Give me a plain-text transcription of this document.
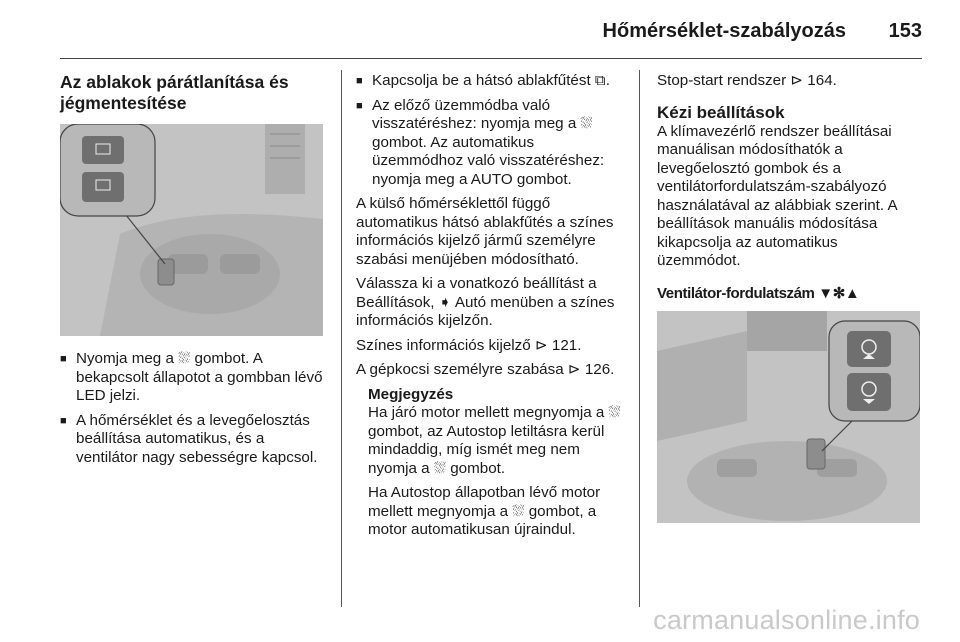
Hőmérséklet-szabályozás 153
Az ablakok párátlanítása és jégmentesítése
■ Nyomja meg a ⛆ gombot. A bekapcsolt állapotot a gombban lévő LED jelzi.
■ A hőmérséklet és a levegőelosztás beállítása automatikus, és a ventilátor nagy sebességre kapcsol.
■ Kapcsolja be a hátsó ablakfűtést ⧉.
■ Az előző üzemmódba való visszatéréshez: nyomja meg a ⛆ gombot. Az automatikus üzemmódhoz való visszatéréshez: nyomja meg a AUTO gombot.

A külső hőmérséklettől függő automatikus hátsó ablakfűtés a színes információs kijelző jármű személyre szabási menüjében módosítható.

Válassza ki a vonatkozó beállítást a Beállítások, ➧ Autó menüben a színes információs kijelzőn.

Színes információs kijelző ⊳ 121.

A gépkocsi személyre szabása ⊳ 126.

Megjegyzés

Ha járó motor mellett megnyomja a ⛆ gombot, az Autostop letiltásra kerül mindaddig, míg ismét meg nem nyomja a ⛆ gombot.

Ha Autostop állapotban lévő motor mellett megnyomja a ⛆ gombot, a motor automatikusan újraindul.

Stop-start rendszer ⊳ 164.

Kézi beállítások

A klímavezérlő rendszer beállításai manuálisan módosíthatók a levegőelosztó gombok és a ventilátorfordulatszám-szabályozó használatával az alábbiak szerint. A beállítások manuális módosítása kikapcsolja az automatikus üzemmódot.

Ventilátor-fordulatszám ▼✻▲
carmanualsonline.info
